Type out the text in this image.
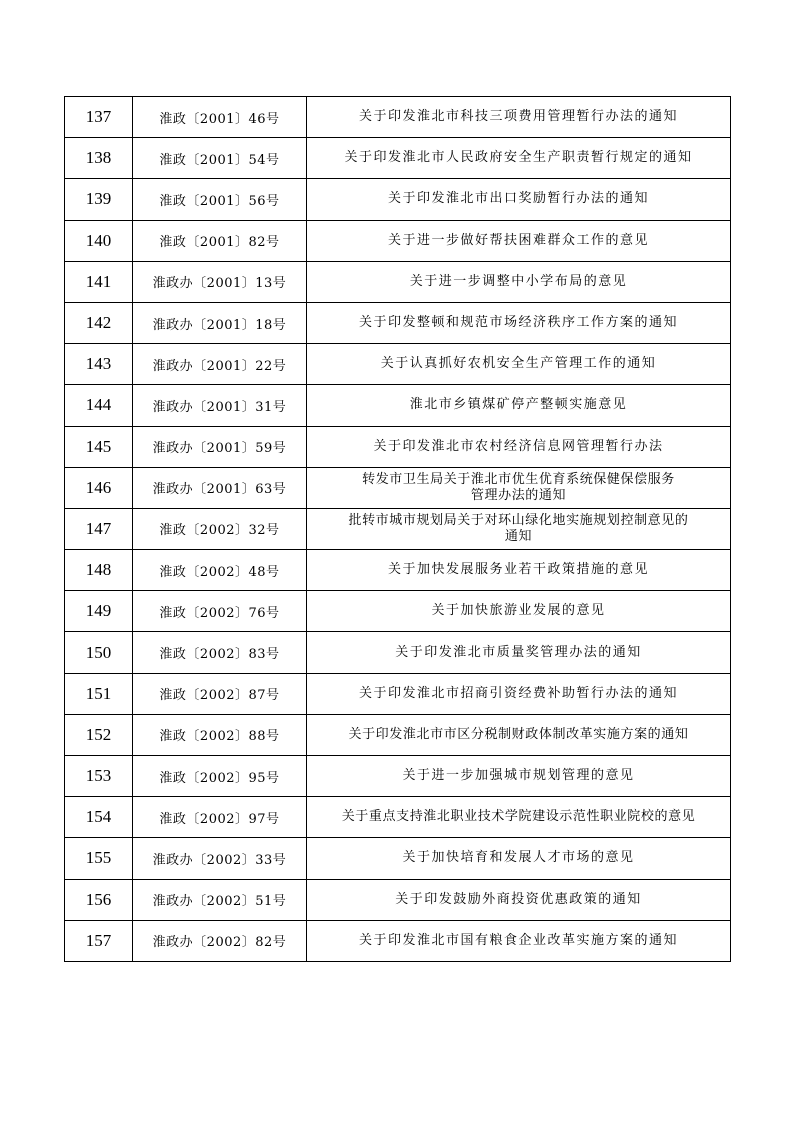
137	淮政〔2001〕46号	关于印发淮北市科技三项费用管理暂行办法的通知

138	淮政〔2001〕54号	关于印发淮北市人民政府安全生产职责暂行规定的通知

139	淮政〔2001〕56号	关于印发淮北市出口奖励暂行办法的通知

140	淮政〔2001〕82号	关于进一步做好帮扶困难群众工作的意见

141	淮政办〔2001〕13号	关于进一步调整中小学布局的意见

142	淮政办〔2001〕18号	关于印发整顿和规范市场经济秩序工作方案的通知

143	淮政办〔2001〕22号	关于认真抓好农机安全生产管理工作的通知

144	淮政办〔2001〕31号	淮北市乡镇煤矿停产整顿实施意见

145	淮政办〔2001〕59号	关于印发淮北市农村经济信息网管理暂行办法

146	淮政办〔2001〕63号	转发市卫生局关于淮北市优生优育系统保健保偿服务
管理办法的通知

147	淮政〔2002〕32号	批转市城市规划局关于对环山绿化地实施规划控制意见的
通知

148	淮政〔2002〕48号	关于加快发展服务业若干政策措施的意见

149	淮政〔2002〕76号	关于加快旅游业发展的意见

150	淮政〔2002〕83号	关于印发淮北市质量奖管理办法的通知

151	淮政〔2002〕87号	关于印发淮北市招商引资经费补助暂行办法的通知

152	淮政〔2002〕88号	关于印发淮北市市区分税制财政体制改革实施方案的通知

153	淮政〔2002〕95号	关于进一步加强城市规划管理的意见

154	淮政〔2002〕97号	关于重点支持淮北职业技术学院建设示范性职业院校的意见

155	淮政办〔2002〕33号	关于加快培育和发展人才市场的意见

156	淮政办〔2002〕51号	关于印发鼓励外商投资优惠政策的通知

157	淮政办〔2002〕82号	关于印发淮北市国有粮食企业改革实施方案的通知
